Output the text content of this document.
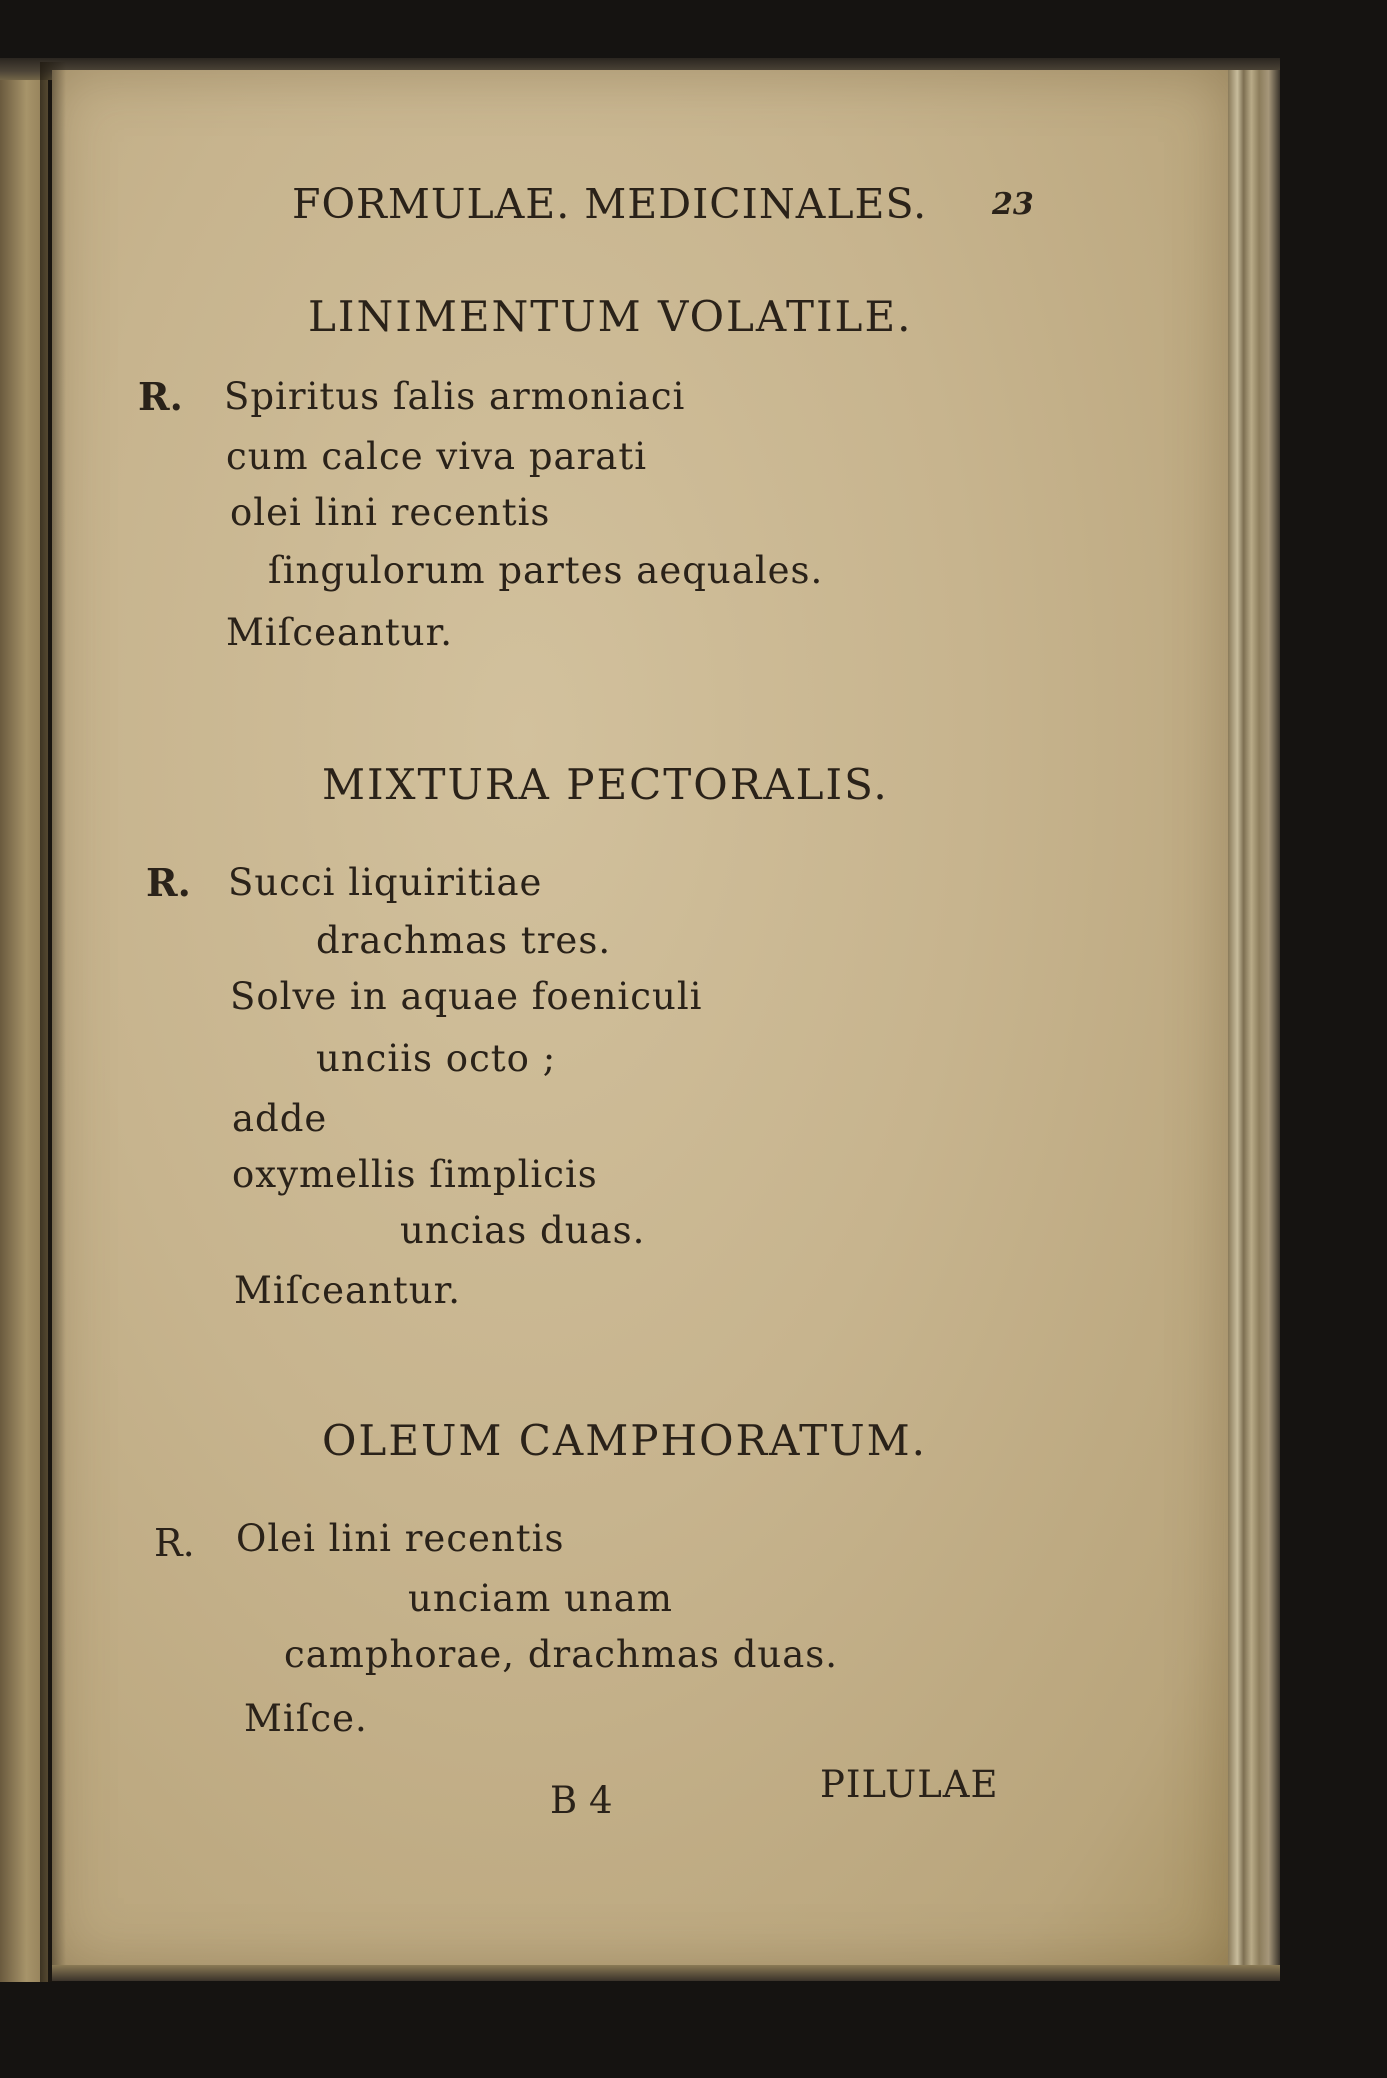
FORMULAE. MEDICINALES. 23
LINIMENTUM VOLATILE.
R. Spiritus ſalis armoniaci
cum calce viva parati
olei lini recentis
ſingulorum partes aequales.
Miſceantur.
MIXTURA PECTORALIS.
R. Succi liquiritiae
drachmas tres.
Solve in aquae foeniculi
unciis octo ;
adde
oxymellis ſimplicis
uncias duas.
Miſceantur.
OLEUM CAMPHORATUM.
R. Olei lini recentis
unciam unam
camphorae, drachmas duas.
Miſce.
B 4	PILULAE
